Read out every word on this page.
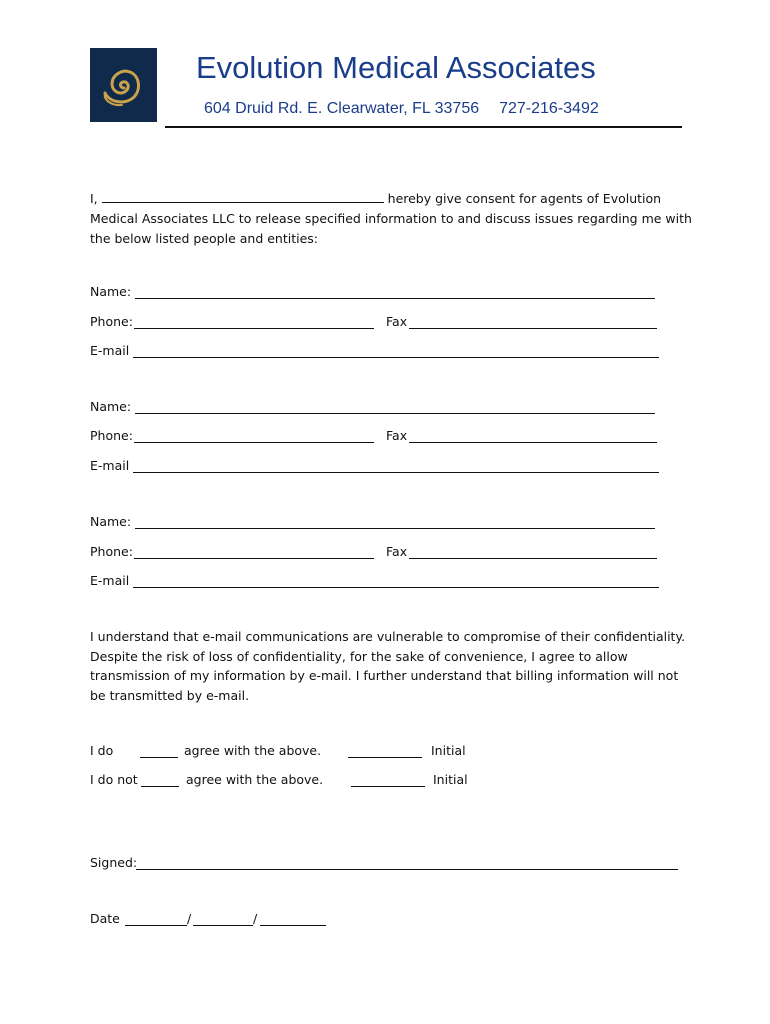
Evolution Medical Associates
604 Druid Rd. E. Clearwater, FL 33756 727-216-3492
I,	hereby give consent for agents of Evolution
Medical Associates LLC to release specified information to and discuss issues regarding me with
the below listed people and entities:
Name:
Phone:	Fax
E-mail
Name:
Phone:	Fax
E-mail
Name:
Phone:	Fax
E-mail
I understand that e-mail communications are vulnerable to compromise of their confidentiality.
Despite the risk of loss of confidentiality, for the sake of convenience, I agree to allow
transmission of my information by e-mail. I further understand that billing information will not
be transmitted by e-mail.
I do	agree with the above.	Initial
I do not	agree with the above.	Initial
Signed:
Date	/	/
